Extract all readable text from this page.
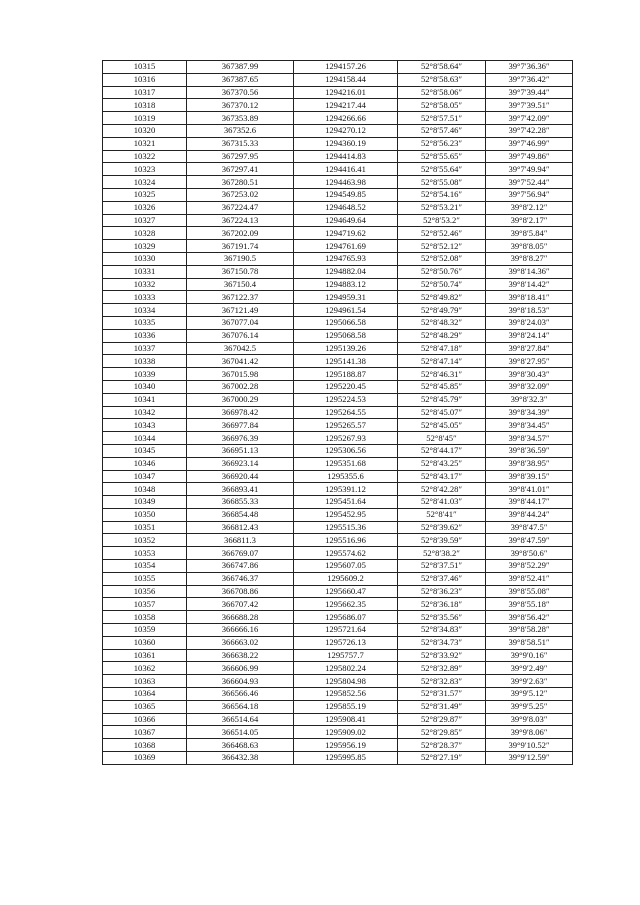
10315	367387.99	1294157.26	52°8′58.64″	39°7′36.36″
10316	367387.65	1294158.44	52°8′58.63″	39°7′36.42″
10317	367370.56	1294216.01	52°8′58.06″	39°7′39.44″
10318	367370.12	1294217.44	52°8′58.05″	39°7′39.51″
10319	367353.89	1294266.66	52°8′57.51″	39°7′42.09″
10320	367352.6	1294270.12	52°8′57.46″	39°7′42.28″
10321	367315.33	1294360.19	52°8′56.23″	39°7′46.99″
10322	367297.95	1294414.83	52°8′55.65″	39°7′49.86″
10323	367297.41	1294416.41	52°8′55.64″	39°7′49.94″
10324	367280.51	1294463.98	52°8′55.08″	39°7′52.44″
10325	367253.02	1294549.85	52°8′54.16″	39°7′56.94″
10326	367224.47	1294648.52	52°8′53.21″	39°8′2.12″
10327	367224.13	1294649.64	52°8′53.2″	39°8′2.17″
10328	367202.09	1294719.62	52°8′52.46″	39°8′5.84″
10329	367191.74	1294761.69	52°8′52.12″	39°8′8.05″
10330	367190.5	1294765.93	52°8′52.08″	39°8′8.27″
10331	367150.78	1294882.04	52°8′50.76″	39°8′14.36″
10332	367150.4	1294883.12	52°8′50.74″	39°8′14.42″
10333	367122.37	1294959.31	52°8′49.82″	39°8′18.41″
10334	367121.49	1294961.54	52°8′49.79″	39°8′18.53″
10335	367077.04	1295066.58	52°8′48.32″	39°8′24.03″
10336	367076.14	1295068.58	52°8′48.29″	39°8′24.14″
10337	367042.5	1295139.26	52°8′47.18″	39°8′27.84″
10338	367041.42	1295141.38	52°8′47.14″	39°8′27.95″
10339	367015.98	1295188.87	52°8′46.31″	39°8′30.43″
10340	367002.28	1295220.45	52°8′45.85″	39°8′32.09″
10341	367000.29	1295224.53	52°8′45.79″	39°8′32.3″
10342	366978.42	1295264.55	52°8′45.07″	39°8′34.39″
10343	366977.84	1295265.57	52°8′45.05″	39°8′34.45″
10344	366976.39	1295267.93	52°8′45″	39°8′34.57″
10345	366951.13	1295306.56	52°8′44.17″	39°8′36.59″
10346	366923.14	1295351.68	52°8′43.25″	39°8′38.95″
10347	366920.44	1295355.6	52°8′43.17″	39°8′39.15″
10348	366893.41	1295391.12	52°8′42.28″	39°8′41.01″
10349	366855.33	1295451.64	52°8′41.03″	39°8′44.17″
10350	366854.48	1295452.95	52°8′41″	39°8′44.24″
10351	366812.43	1295515.36	52°8′39.62″	39°8′47.5″
10352	366811.3	1295516.96	52°8′39.59″	39°8′47.59″
10353	366769.07	1295574.62	52°8′38.2″	39°8′50.6″
10354	366747.86	1295607.05	52°8′37.51″	39°8′52.29″
10355	366746.37	1295609.2	52°8′37.46″	39°8′52.41″
10356	366708.86	1295660.47	52°8′36.23″	39°8′55.08″
10357	366707.42	1295662.35	52°8′36.18″	39°8′55.18″
10358	366688.28	1295686.07	52°8′35.56″	39°8′56.42″
10359	366666.16	1295721.64	52°8′34.83″	39°8′58.28″
10360	366663.02	1295726.13	52°8′34.73″	39°8′58.51″
10361	366638.22	1295757.7	52°8′33.92″	39°9′0.16″
10362	366606.99	1295802.24	52°8′32.89″	39°9′2.49″
10363	366604.93	1295804.98	52°8′32.83″	39°9′2.63″
10364	366566.46	1295852.56	52°8′31.57″	39°9′5.12″
10365	366564.18	1295855.19	52°8′31.49″	39°9′5.25″
10366	366514.64	1295908.41	52°8′29.87″	39°9′8.03″
10367	366514.05	1295909.02	52°8′29.85″	39°9′8.06″
10368	366468.63	1295956.19	52°8′28.37″	39°9′10.52″
10369	366432.38	1295995.85	52°8′27.19″	39°9′12.59″
